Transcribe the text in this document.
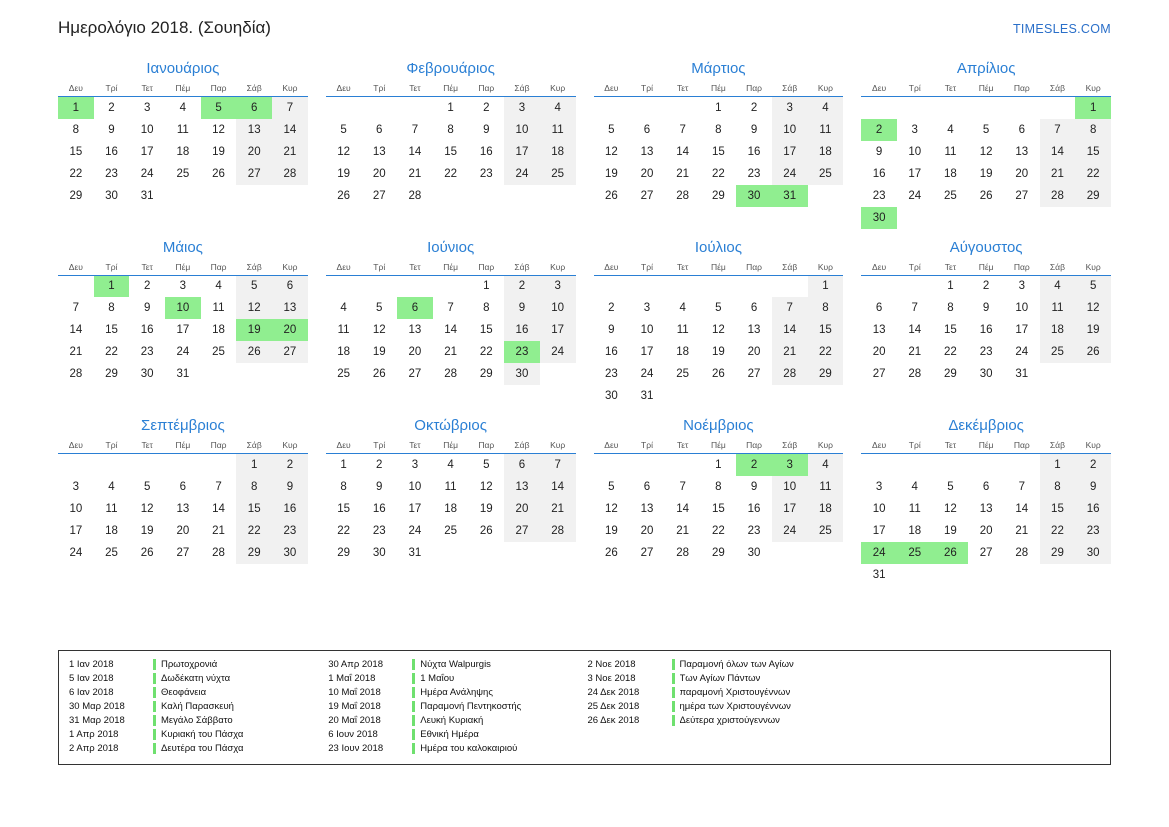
Ημερολόγιο 2018. (Σουηδία)	TIMESLES.COM
Ιανουάριος
Δευ	Τρί	Τετ	Πέμ	Παρ	Σάβ	Κυρ
1	2	3	4	5	6	7
8	9	10	11	12	13	14
15	16	17	18	19	20	21
22	23	24	25	26	27	28
29	30	31				
Φεβρουάριος
Δευ	Τρί	Τετ	Πέμ	Παρ	Σάβ	Κυρ
			1	2	3	4
5	6	7	8	9	10	11
12	13	14	15	16	17	18
19	20	21	22	23	24	25
26	27	28				
Μάρτιος
Δευ	Τρί	Τετ	Πέμ	Παρ	Σάβ	Κυρ
			1	2	3	4
5	6	7	8	9	10	11
12	13	14	15	16	17	18
19	20	21	22	23	24	25
26	27	28	29	30	31	
Απρίλιος
Δευ	Τρί	Τετ	Πέμ	Παρ	Σάβ	Κυρ
						1
2	3	4	5	6	7	8
9	10	11	12	13	14	15
16	17	18	19	20	21	22
23	24	25	26	27	28	29
30						
Μάιος
Δευ	Τρί	Τετ	Πέμ	Παρ	Σάβ	Κυρ
	1	2	3	4	5	6
7	8	9	10	11	12	13
14	15	16	17	18	19	20
21	22	23	24	25	26	27
28	29	30	31			
Ιούνιος
Δευ	Τρί	Τετ	Πέμ	Παρ	Σάβ	Κυρ
				1	2	3
4	5	6	7	8	9	10
11	12	13	14	15	16	17
18	19	20	21	22	23	24
25	26	27	28	29	30	
Ιούλιος
Δευ	Τρί	Τετ	Πέμ	Παρ	Σάβ	Κυρ
						1
2	3	4	5	6	7	8
9	10	11	12	13	14	15
16	17	18	19	20	21	22
23	24	25	26	27	28	29
30	31					
Αύγουστος
Δευ	Τρί	Τετ	Πέμ	Παρ	Σάβ	Κυρ
		1	2	3	4	5
6	7	8	9	10	11	12
13	14	15	16	17	18	19
20	21	22	23	24	25	26
27	28	29	30	31		
Σεπτέμβριος
Δευ	Τρί	Τετ	Πέμ	Παρ	Σάβ	Κυρ
					1	2
3	4	5	6	7	8	9
10	11	12	13	14	15	16
17	18	19	20	21	22	23
24	25	26	27	28	29	30
Οκτώβριος
Δευ	Τρί	Τετ	Πέμ	Παρ	Σάβ	Κυρ
1	2	3	4	5	6	7
8	9	10	11	12	13	14
15	16	17	18	19	20	21
22	23	24	25	26	27	28
29	30	31				
Νοέμβριος
Δευ	Τρί	Τετ	Πέμ	Παρ	Σάβ	Κυρ
			1	2	3	4
5	6	7	8	9	10	11
12	13	14	15	16	17	18
19	20	21	22	23	24	25
26	27	28	29	30		
Δεκέμβριος
Δευ	Τρί	Τετ	Πέμ	Παρ	Σάβ	Κυρ
					1	2
3	4	5	6	7	8	9
10	11	12	13	14	15	16
17	18	19	20	21	22	23
24	25	26	27	28	29	30
31						
1 Ιαν 2018	Πρωτοχρονιά
5 Ιαν 2018	Δωδέκατη νύχτα
6 Ιαν 2018	Θεοφάνεια
30 Μαρ 2018	Καλή Παρασκευή
31 Μαρ 2018	Μεγάλο Σάββατο
1 Απρ 2018	Κυριακή του Πάσχα
2 Απρ 2018	Δευτέρα του Πάσχα
30 Απρ 2018	Νύχτα Walpurgis
1 Μαΐ 2018	1 Μαΐου
10 Μαΐ 2018	Ημέρα Ανάληψης
19 Μαΐ 2018	Παραμονή Πεντηκοστής
20 Μαΐ 2018	Λευκή Κυριακή
6 Ιουν 2018	Εθνική Ημέρα
23 Ιουν 2018	Ημέρα του καλοκαιριού
2 Νοε 2018	Παραμονή όλων των Αγίων
3 Νοε 2018	Των Αγίων Πάντων
24 Δεκ 2018	παραμονή Χριστουγέννων
25 Δεκ 2018	ημέρα των Χριστουγέννων
26 Δεκ 2018	Δεύτερα χριστούγεννων
